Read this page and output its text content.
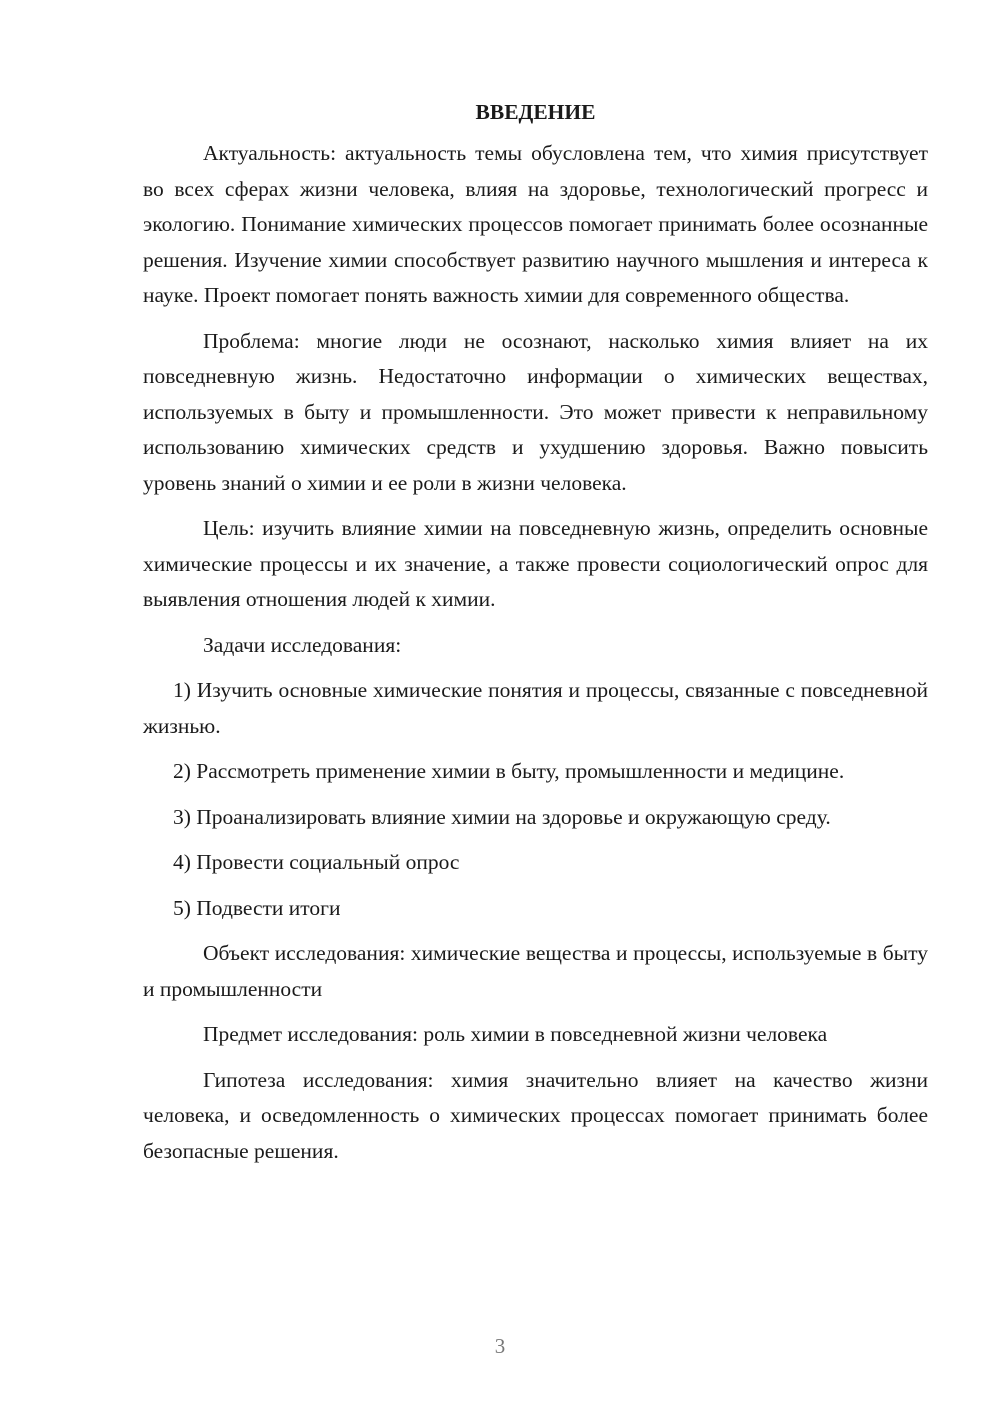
ВВЕДЕНИЕ

Актуальность: актуальность темы обусловлена тем, что химия присутствует во всех сферах жизни человека, влияя на здоровье, технологический прогресс и экологию. Понимание химических процессов помогает принимать более осознанные решения. Изучение химии способствует развитию научного мышления и интереса к науке. Проект помогает понять важность химии для современного общества.

Проблема: многие люди не осознают, насколько химия влияет на их повседневную жизнь. Недостаточно информации о химических веществах, используемых в быту и промышленности. Это может привести к неправильному использованию химических средств и ухудшению здоровья. Важно повысить уровень знаний о химии и ее роли в жизни человека.

Цель: изучить влияние химии на повседневную жизнь, определить основные химические процессы и их значение, а также провести социологический опрос для выявления отношения людей к химии.

Задачи исследования:

1) Изучить основные химические понятия и процессы, связанные с повседневной жизнью.

2) Рассмотреть применение химии в быту, промышленности и медицине.

3) Проанализировать влияние химии на здоровье и окружающую среду.

4) Провести социальный опрос

5) Подвести итоги

Объект исследования: химические вещества и процессы, используемые в быту и промышленности

Предмет исследования: роль химии в повседневной жизни человека

Гипотеза исследования: химия значительно влияет на качество жизни человека, и осведомленность о химических процессах помогает принимать более безопасные решения.

3
